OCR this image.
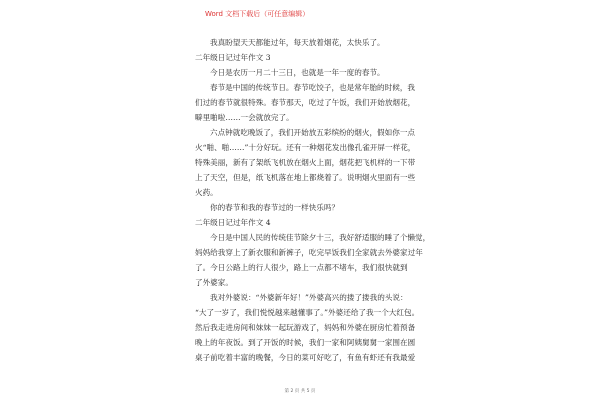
Word 文档下载后（可任意编辑）
我真盼望天天都能过年，每天放着烟花，太快乐了。
二年级日记过年作文 3
今日是农历一月二十三日，也就是一年一度的春节。
春节是中国的传统节日。春节吃饺子，也是常年胎的时候，我
们过的春节就很特殊。春节那天，吃过了午饭，我们开始放烟花，
噼里啪啦……一会就放完了。
六点钟就吃晚饭了，我们开始放五彩缤纷的烟火，假如你一点
火“啪、啪……”十分好玩。还有一种烟花发出像孔雀开屏一样花，
特殊美丽，新有了架纸飞机放在烟火上面，烟花把飞机样的一下带
上了天空，但是，纸飞机落在地上都烧着了。说明烟火里面有一些
火药。
你的春节和我的春节过的一样快乐吗？
二年级日记过年作文 4
今日是中国人民的传统佳节除夕十三，我好舒适服的睡了个懒觉，
妈妈给我穿上了新衣服和新裤子，吃完早饭我们全家就去外婆家过年
了。今日公路上的行人很少，路上一点都不堵车，我们很快就到
了外婆家。
我对外婆说：“外婆新年好！”外婆高兴的搂了搂我的头说：
“大了一岁了，我们悦悦越来越懂事了。”外婆还给了我一个大红包。
然后我走进房间和妹妹一起玩游戏了，妈妈和外婆在厨房忙着预备
晚上的年夜饭。到了开饭的时候，我们一家和阿姨舅舅一家围在圆
桌子前吃着丰富的晚餐，今日的菜可好吃了，有鱼有虾还有我最爱
第 2 页 共 5 页
